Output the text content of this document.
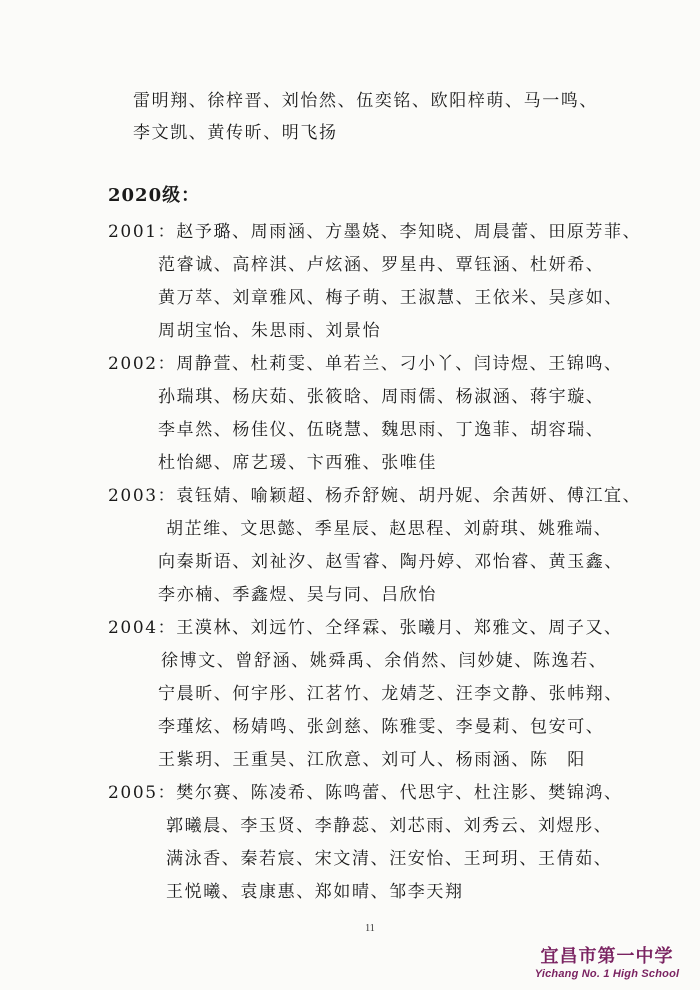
雷明翔、徐梓晋、刘怡然、伍奕铭、欧阳梓萌、马一鸣、
李文凯、黄传昕、明飞扬
2020级：
2001：赵予璐、周雨涵、方墨娆、李知晓、周晨蕾、田原芳菲、
范睿诚、高梓淇、卢炫涵、罗星冉、覃钰涵、杜妍希、
黄万萃、刘章雅风、梅子萌、王淑慧、王依米、吴彦如、
周胡宝怡、朱思雨、刘景怡
2002：周静萱、杜莉雯、单若兰、刁小丫、闫诗煜、王锦鸣、
孙瑞琪、杨庆茹、张筱晗、周雨儒、杨淑涵、蒋宇璇、
李卓然、杨佳仪、伍晓慧、魏思雨、丁逸菲、胡容瑞、
杜怡緦、席艺瑗、卞西雅、张唯佳
2003：袁钰婧、喻颖超、杨乔舒婉、胡丹妮、余茜妍、傅江宜、
胡芷维、文思懿、季星辰、赵思程、刘蔚琪、姚雅端、
向秦斯语、刘祉汐、赵雪睿、陶丹婷、邓怡睿、黄玉鑫、
李亦楠、季鑫煜、吴与同、吕欣怡
2004：王漠林、刘远竹、仝绎霖、张曦月、郑雅文、周子又、
徐博文、曾舒涵、姚舜禹、余俏然、闫妙婕、陈逸若、
宁晨昕、何宇彤、江茗竹、龙婧芝、汪李文静、张帏翔、
李瑾炫、杨婧鸣、张剑慈、陈雅雯、李曼莉、包安可、
王紫玥、王重昊、江欣意、刘可人、杨雨涵、陈　阳
2005：樊尔赛、陈凌希、陈鸣蕾、代思宇、杜注影、樊锦鸿、
郭曦晨、李玉贤、李静蕊、刘芯雨、刘秀云、刘煜彤、
满泳香、秦若宸、宋文清、汪安怡、王珂玥、王倩茹、
王悦曦、袁康惠、郑如晴、邹李天翔
11
宜昌市第一中学
Yichang No. 1 High School
